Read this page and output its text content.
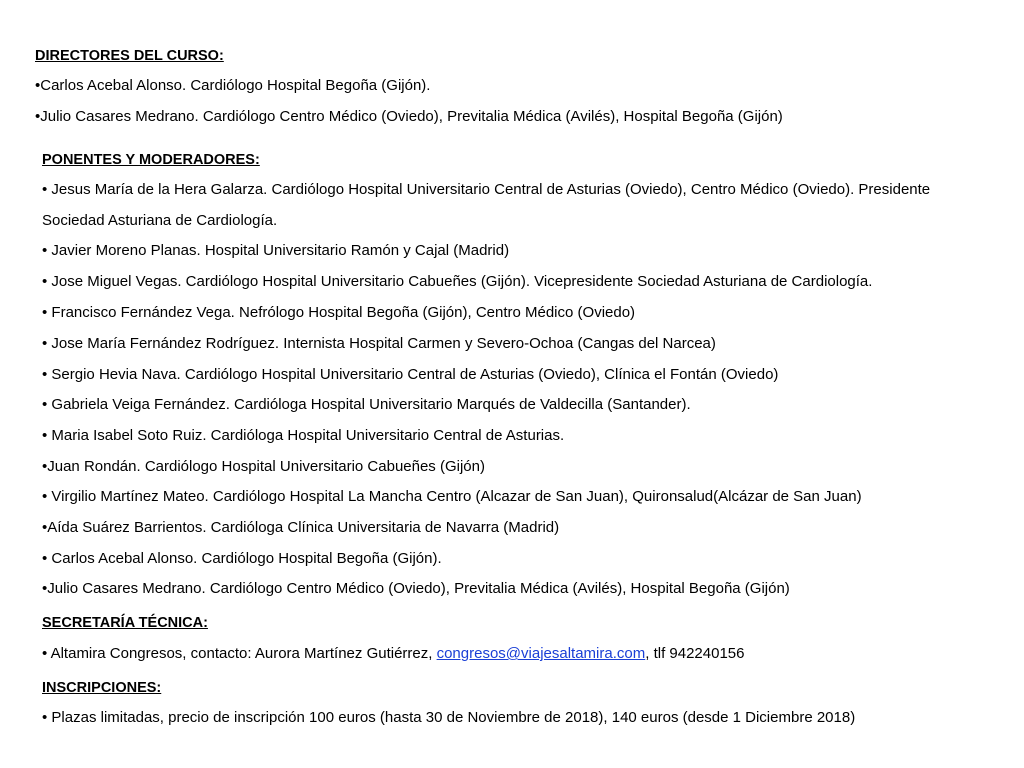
DIRECTORES DEL CURSO:
•Carlos Acebal Alonso. Cardiólogo Hospital Begoña (Gijón).
•Julio Casares Medrano. Cardiólogo Centro Médico (Oviedo), Previtalia Médica (Avilés), Hospital Begoña (Gijón)
PONENTES Y MODERADORES:
• Jesus María de la Hera Galarza. Cardiólogo Hospital Universitario Central de Asturias (Oviedo), Centro Médico (Oviedo). Presidente
Sociedad Asturiana de Cardiología.
• Javier Moreno Planas. Hospital Universitario Ramón y Cajal (Madrid)
• Jose Miguel Vegas. Cardiólogo Hospital Universitario Cabueñes (Gijón). Vicepresidente Sociedad Asturiana de Cardiología.
• Francisco Fernández Vega. Nefrólogo Hospital Begoña (Gijón), Centro Médico (Oviedo)
• Jose María Fernández Rodríguez. Internista Hospital Carmen y Severo-Ochoa (Cangas del Narcea)
• Sergio Hevia Nava. Cardiólogo Hospital Universitario Central de Asturias (Oviedo), Clínica el Fontán (Oviedo)
• Gabriela Veiga Fernández. Cardióloga Hospital Universitario Marqués de Valdecilla (Santander).
• Maria Isabel Soto Ruiz. Cardióloga Hospital Universitario Central de Asturias.
•Juan Rondán. Cardiólogo Hospital Universitario Cabueñes (Gijón)
• Virgilio Martínez Mateo. Cardiólogo Hospital La Mancha Centro (Alcazar de San Juan), Quironsalud(Alcázar de San Juan)
•Aída Suárez Barrientos. Cardióloga Clínica Universitaria de Navarra (Madrid)
• Carlos Acebal Alonso. Cardiólogo Hospital Begoña (Gijón).
•Julio Casares Medrano. Cardiólogo Centro Médico (Oviedo), Previtalia Médica (Avilés), Hospital Begoña (Gijón)
SECRETARÍA TÉCNICA:
• Altamira Congresos, contacto: Aurora Martínez Gutiérrez, congresos@viajesaltamira.com, tlf 942240156
INSCRIPCIONES:
• Plazas limitadas, precio de inscripción 100 euros (hasta 30 de Noviembre de 2018), 140 euros (desde 1 Diciembre 2018)
